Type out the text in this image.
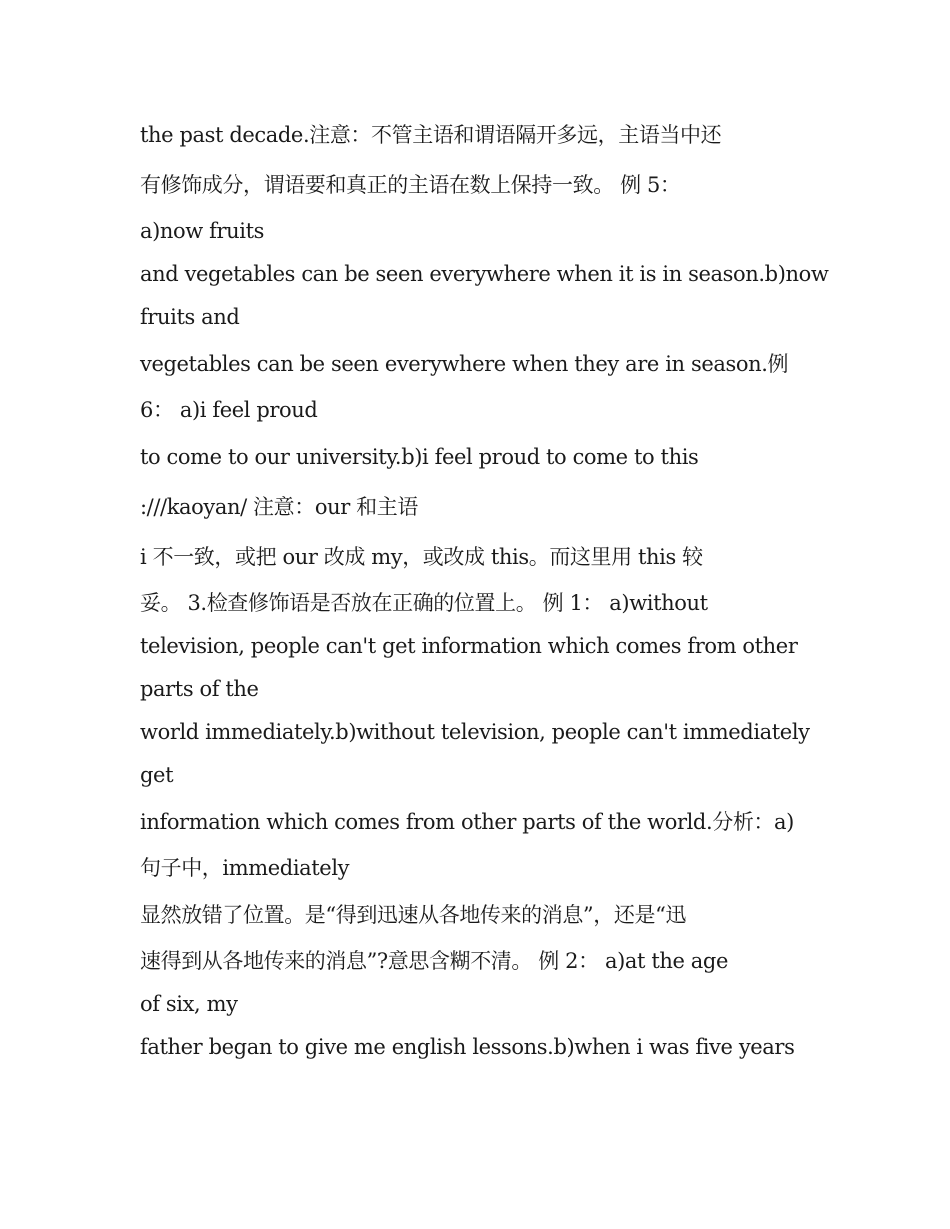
the past decade.注意：不管主语和谓语隔开多远，主语当中还
有修饰成分，谓语要和真正的主语在数上保持一致。 例 5：
a)now fruits
and vegetables can be seen everywhere when it is in season.b)now
fruits and
vegetables can be seen everywhere when they are in season.例
6： a)i feel proud
to come to our university.b)i feel proud to come to this
:///kaoyan/ 注意：our 和主语
i 不一致，或把 our 改成 my，或改成 this。而这里用 this 较
妥。 3.检查修饰语是否放在正确的位置上。 例 1： a)without
television, people can't get information which comes from other
parts of the
world immediately.b)without television, people can't immediately
get
information which comes from other parts of the world.分析：a)
句子中，immediately
显然放错了位置。是“得到迅速从各地传来的消息”，还是“迅
速得到从各地传来的消息”?意思含糊不清。 例 2： a)at the age
of six, my
father began to give me english lessons.b)when i was five years
